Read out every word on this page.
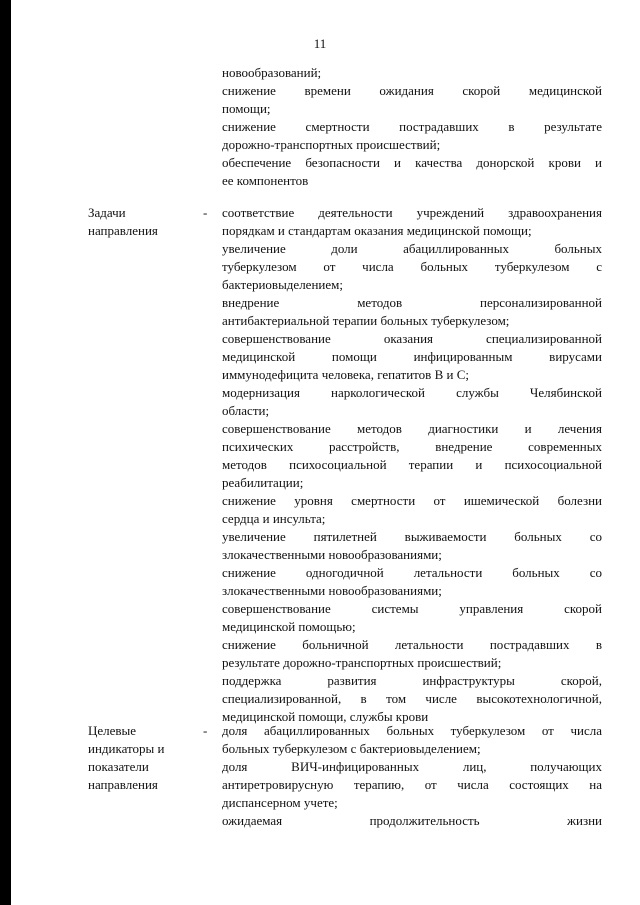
11
новообразований;
снижение времени ожидания скорой медицинской
помощи;
снижение смертности пострадавших в результате
дорожно-транспортных происшествий;
обеспечение безопасности и качества донорской крови и
ее компонентов
Задачи направления
- соответствие деятельности учреждений здравоохранения
порядкам и стандартам оказания медицинской помощи;
увеличение доли абациллированных больных
туберкулезом от числа больных туберкулезом с
бактериовыделением;
внедрение методов персонализированной
антибактериальной терапии больных туберкулезом;
совершенствование оказания специализированной
медицинской помощи инфицированным вирусами
иммунодефицита человека, гепатитов В и С;
модернизация наркологической службы Челябинской
области;
совершенствование методов диагностики и лечения
психических расстройств, внедрение современных
методов психосоциальной терапии и психосоциальной
реабилитации;
снижение уровня смертности от ишемической болезни
сердца и инсульта;
увеличение пятилетней выживаемости больных со
злокачественными новообразованиями;
снижение одногодичной летальности больных со
злокачественными новообразованиями;
совершенствование системы управления скорой
медицинской помощью;
снижение больничной летальности пострадавших в
результате дорожно-транспортных происшествий;
поддержка развития инфраструктуры скорой,
специализированной, в том числе высокотехнологичной,
медицинской помощи, службы крови
Целевые индикаторы и показатели направления
- доля абациллированных больных туберкулезом от числа
больных туберкулезом с бактериовыделением;
доля ВИЧ-инфицированных лиц, получающих
антиретровирусную терапию, от числа состоящих на
диспансерном учете;
ожидаемая продолжительность жизни
